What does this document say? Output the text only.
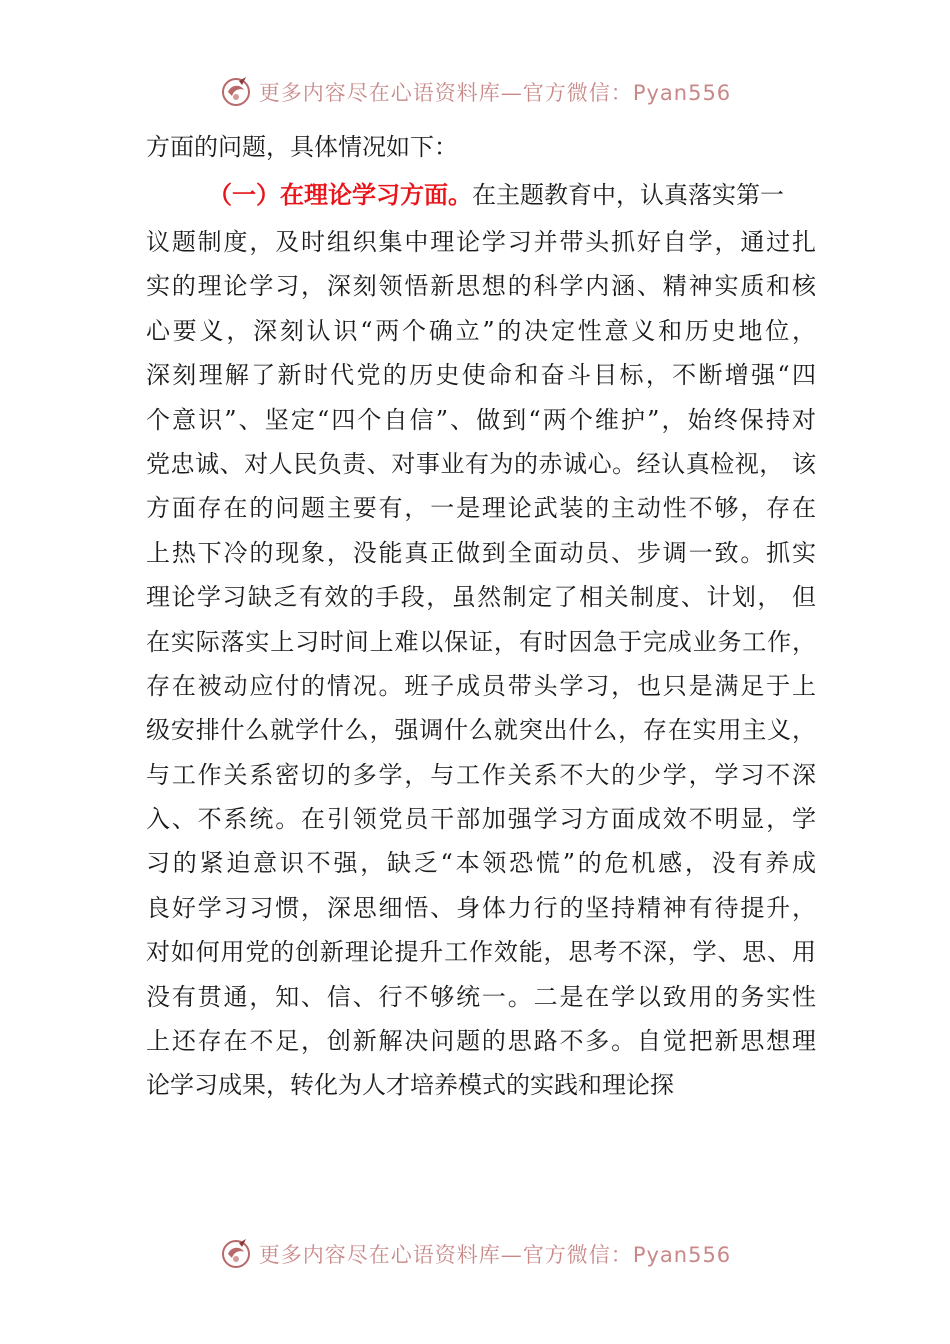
更多内容尽在心语资料库—官方微信：Pyan556
方面的问题，具体情况如下：
（一）在理论学习方面。在主题教育中，认真落实第一
议题制度，及时组织集中理论学习并带头抓好自学，通过扎
实的理论学习，深刻领悟新思想的科学内涵、精神实质和核
心要义，深刻认识“两个确立”的决定性意义和历史地位，
深刻理解了新时代党的历史使命和奋斗目标，不断增强“四
个意识”、坚定“四个自信”、做到“两个维护”，始终保持对
党忠诚、对人民负责、对事业有为的赤诚心。经认真检视， 该
方面存在的问题主要有，一是理论武装的主动性不够，存在
上热下冷的现象，没能真正做到全面动员、步调一致。抓实
理论学习缺乏有效的手段，虽然制定了相关制度、计划， 但
在实际落实上习时间上难以保证，有时因急于完成业务工作，
存在被动应付的情况。班子成员带头学习，也只是满足于上
级安排什么就学什么，强调什么就突出什么，存在实用主义，
与工作关系密切的多学，与工作关系不大的少学，学习不深
入、不系统。在引领党员干部加强学习方面成效不明显，学
习的紧迫意识不强，缺乏“本领恐慌”的危机感，没有养成
良好学习习惯，深思细悟、身体力行的坚持精神有待提升，
对如何用党的创新理论提升工作效能，思考不深，学、思、用
没有贯通，知、信、行不够统一。二是在学以致用的务实性
上还存在不足，创新解决问题的思路不多。自觉把新思想理
论学习成果，转化为人才培养模式的实践和理论探
更多内容尽在心语资料库—官方微信：Pyan556
